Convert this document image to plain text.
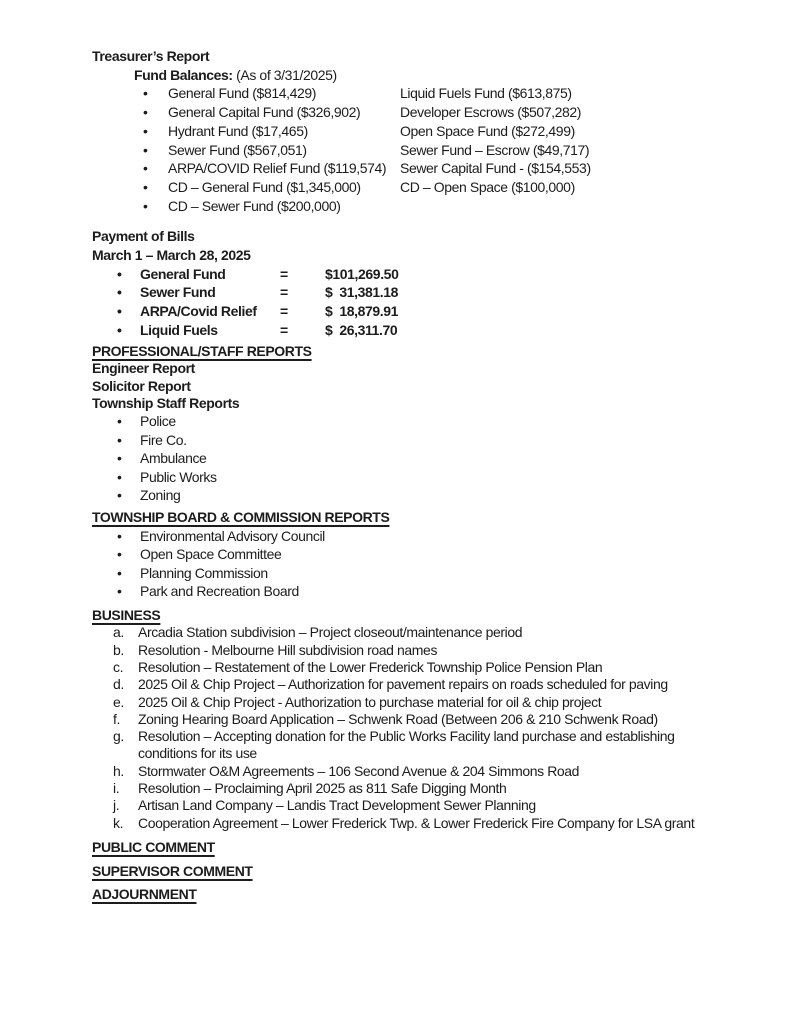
Treasurer’s Report

Fund Balances: (As of 3/31/2025)

•	General Fund ($814,429)	Liquid Fuels Fund ($613,875)
•	General Capital Fund ($326,902)	Developer Escrows ($507,282)
•	Hydrant Fund ($17,465)	Open Space Fund ($272,499)
•	Sewer Fund ($567,051)	Sewer Fund – Escrow ($49,717)
•	ARPA/COVID Relief Fund ($119,574) Sewer Capital Fund - ($154,553)
•	CD – General Fund ($1,345,000)	CD – Open Space ($100,000)
•	CD – Sewer Fund ($200,000)
Payment of Bills

March 1 – March 28, 2025

•	General Fund	=	$101,269.50
•	Sewer Fund	=	$  31,381.18
•	ARPA/Covid Relief	=	$  18,879.91
•	Liquid Fuels	=	$  26,311.70
PROFESSIONAL/STAFF REPORTS

Engineer Report

Solicitor Report

Township Staff Reports

•	Police
•	Fire Co.
•	Ambulance
•	Public Works
•	Zoning
TOWNSHIP BOARD & COMMISSION REPORTS
•	Environmental Advisory Council
•	Open Space Committee
•	Planning Commission
•	Park and Recreation Board
BUSINESS
a.	Arcadia Station subdivision – Project closeout/maintenance period
b.	Resolution - Melbourne Hill subdivision road names
c.	Resolution – Restatement of the Lower Frederick Township Police Pension Plan
d.	2025 Oil & Chip Project – Authorization for pavement repairs on roads scheduled for paving
e.	2025 Oil & Chip Project - Authorization to purchase material for oil & chip project
f.	Zoning Hearing Board Application – Schwenk Road (Between 206 & 210 Schwenk Road)
g.	Resolution – Accepting donation for the Public Works Facility land purchase and establishing conditions for its use
h.	Stormwater O&M Agreements – 106 Second Avenue & 204 Simmons Road
i.	Resolution – Proclaiming April 2025 as 811 Safe Digging Month
j.	Artisan Land Company – Landis Tract Development Sewer Planning
k.	Cooperation Agreement – Lower Frederick Twp. & Lower Frederick Fire Company for LSA grant
PUBLIC COMMENT
SUPERVISOR COMMENT
ADJOURNMENT
